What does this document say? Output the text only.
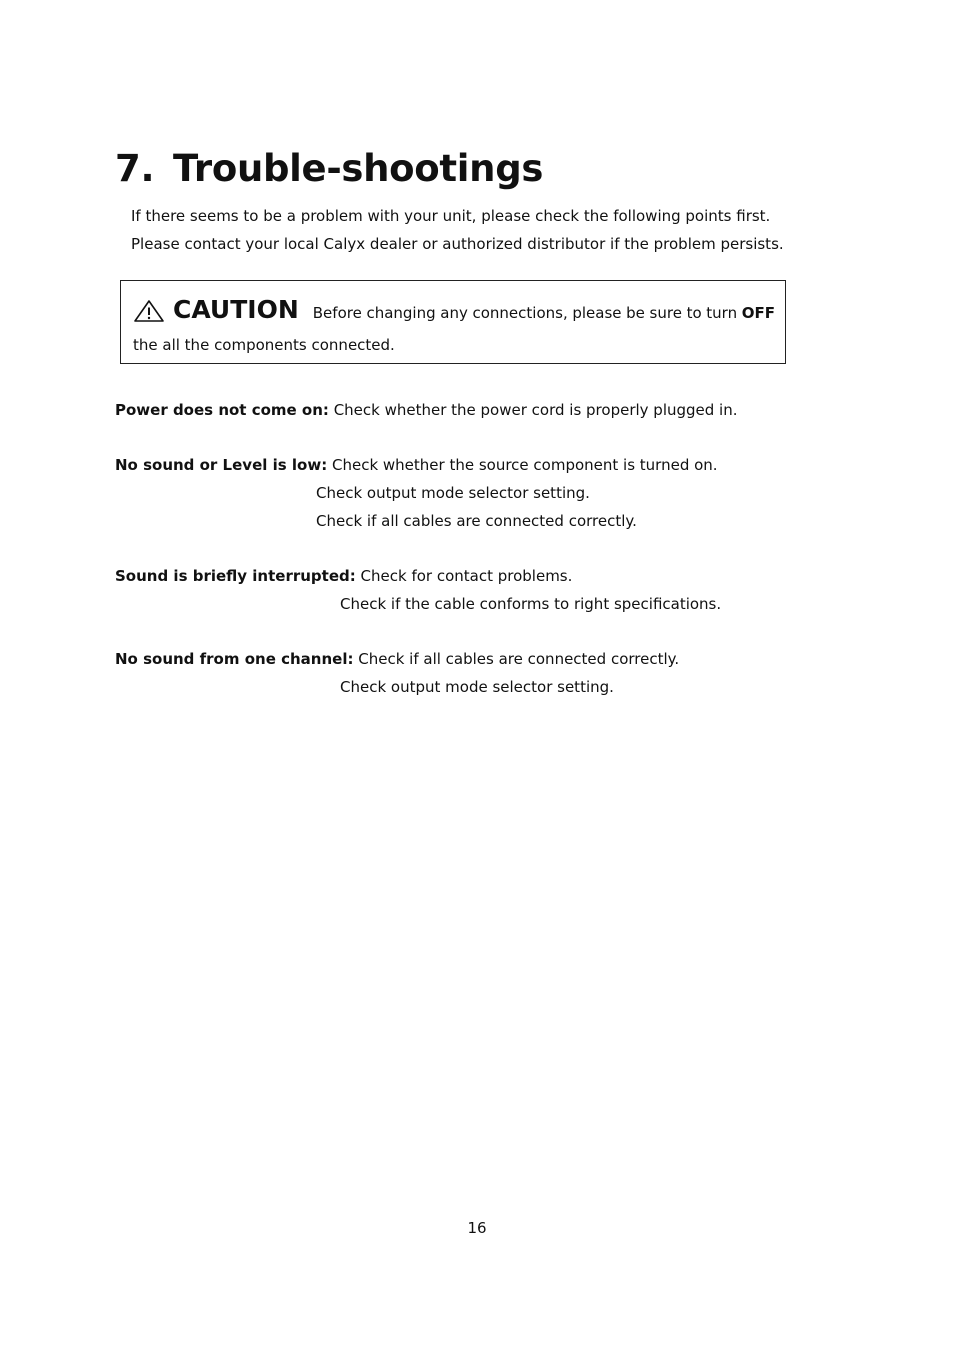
7. Trouble-shootings
If there seems to be a problem with your unit, please check the following points first.
Please contact your local Calyx dealer or authorized distributor if the problem persists.
CAUTION Before changing any connections, please be sure to turn OFF
the all the components connected.
Power does not come on: Check whether the power cord is properly plugged in.
No sound or Level is low: Check whether the source component is turned on.
Check output mode selector setting.
Check if all cables are connected correctly.
Sound is briefly interrupted: Check for contact problems.
Check if the cable conforms to right specifications.
No sound from one channel: Check if all cables are connected correctly.
Check output mode selector setting.
16
